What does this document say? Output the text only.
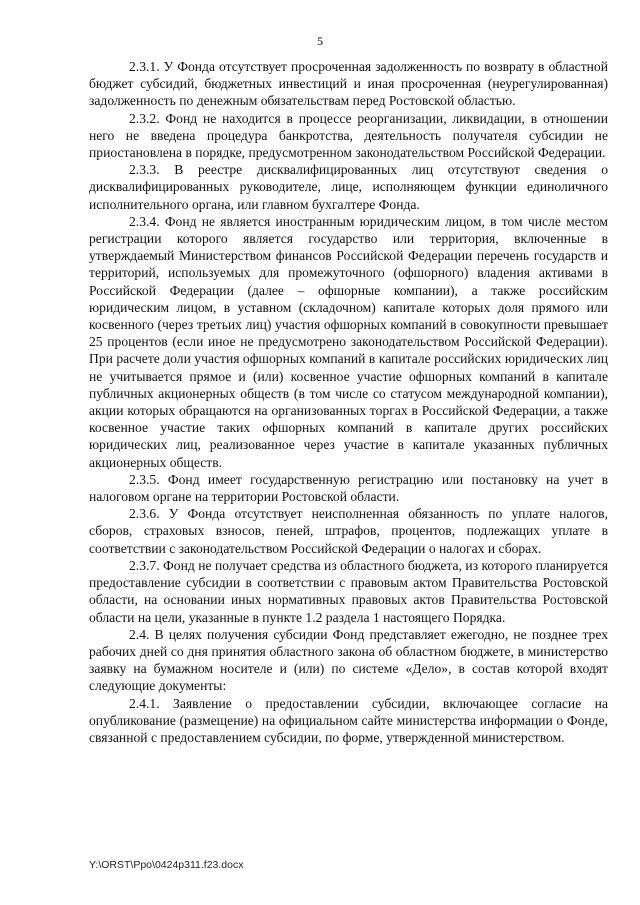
5

2.3.1. У Фонда отсутствует просроченная задолженность по возврату в областной бюджет субсидий, бюджетных инвестиций и иная просроченная (неурегулированная) задолженность по денежным обязательствам перед Ростовской областью.

2.3.2. Фонд не находится в процессе реорганизации, ликвидации, в отношении него не введена процедура банкротства, деятельность получателя субсидии не приостановлена в порядке, предусмотренном законодательством Российской Федерации.

2.3.3. В реестре дисквалифицированных лиц отсутствуют сведения о дисквалифицированных руководителе, лице, исполняющем функции единоличного исполнительного органа, или главном бухгалтере Фонда.

2.3.4. Фонд не является иностранным юридическим лицом, в том числе местом регистрации которого является государство или территория, включенные в утверждаемый Министерством финансов Российской Федерации перечень государств и территорий, используемых для промежуточного (офшорного) владения активами в Российской Федерации (далее – офшорные компании), а также российским юридическим лицом, в уставном (складочном) капитале которых доля прямого или косвенного (через третьих лиц) участия офшорных компаний в совокупности превышает 25 процентов (если иное не предусмотрено законодательством Российской Федерации). При расчете доли участия офшорных компаний в капитале российских юридических лиц не учитывается прямое и (или) косвенное участие офшорных компаний в капитале публичных акционерных обществ (в том числе со статусом международной компании), акции которых обращаются на организованных торгах в Российской Федерации, а также косвенное участие таких офшорных компаний в капитале других российских юридических лиц, реализованное через участие в капитале указанных публичных акционерных обществ.

2.3.5. Фонд имеет государственную регистрацию или постановку на учет в налоговом органе на территории Ростовской области.

2.3.6. У Фонда отсутствует неисполненная обязанность по уплате налогов, сборов, страховых взносов, пеней, штрафов, процентов, подлежащих уплате в соответствии с законодательством Российской Федерации о налогах и сборах.

2.3.7. Фонд не получает средства из областного бюджета, из которого планируется предоставление субсидии в соответствии с правовым актом Правительства Ростовской области, на основании иных нормативных правовых актов Правительства Ростовской области на цели, указанные в пункте 1.2 раздела 1 настоящего Порядка.

2.4. В целях получения субсидии Фонд представляет ежегодно, не позднее трех рабочих дней со дня принятия областного закона об областном бюджете, в министерство заявку на бумажном носителе и (или) по системе «Дело», в состав которой входят следующие документы:

2.4.1. Заявление о предоставлении субсидии, включающее согласие на опубликование (размещение) на официальном сайте министерства информации о Фонде, связанной с предоставлением субсидии, по форме, утвержденной министерством.

Y:\ORST\Ppo\0424p311.f23.docx
